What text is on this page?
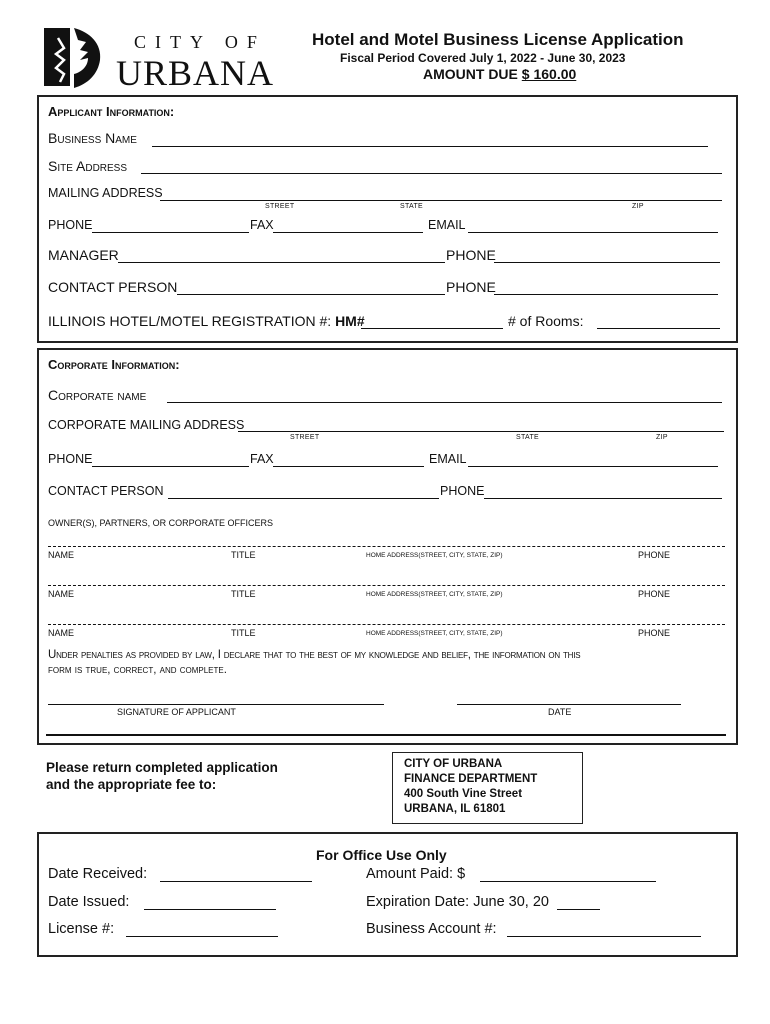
CITY OF
URBANA
Hotel and Motel Business License Application
Fiscal Period Covered July 1, 2022 - June 30, 2023
AMOUNT DUE $ 160.00
Applicant Information:
Business Name
Site Address
MAILING ADDRESS
STREET	STATE	ZIP
PHONE	FAX	EMAIL
MANAGER	PHONE
CONTACT PERSON	PHONE
ILLINOIS HOTEL/MOTEL REGISTRATION #: HM#	# of Rooms:
Corporate Information:
Corporate name
CORPORATE MAILING ADDRESS
STREET	STATE	ZIP
PHONE	FAX	EMAIL
CONTACT PERSON	PHONE
OWNER(S), PARTNERS, OR CORPORATE OFFICERS
NAME	TITLE	HOME ADDRESS(STREET, CITY, STATE, ZIP)	PHONE
NAME	TITLE	HOME ADDRESS(STREET, CITY, STATE, ZIP)	PHONE
NAME	TITLE	HOME ADDRESS(STREET, CITY, STATE, ZIP)	PHONE
Under penalties as provided by law, I declare that to the best of my knowledge and belief, the information on this
form is true, correct, and complete.
SIGNATURE OF APPLICANT	DATE
Please return completed application
and the appropriate fee to:
CITY OF URBANA
FINANCE DEPARTMENT
400 South Vine Street
URBANA, IL 61801
For Office Use Only
Date Received:	Amount Paid: $
Date Issued:	Expiration Date: June 30, 20
License #:	Business Account #:
